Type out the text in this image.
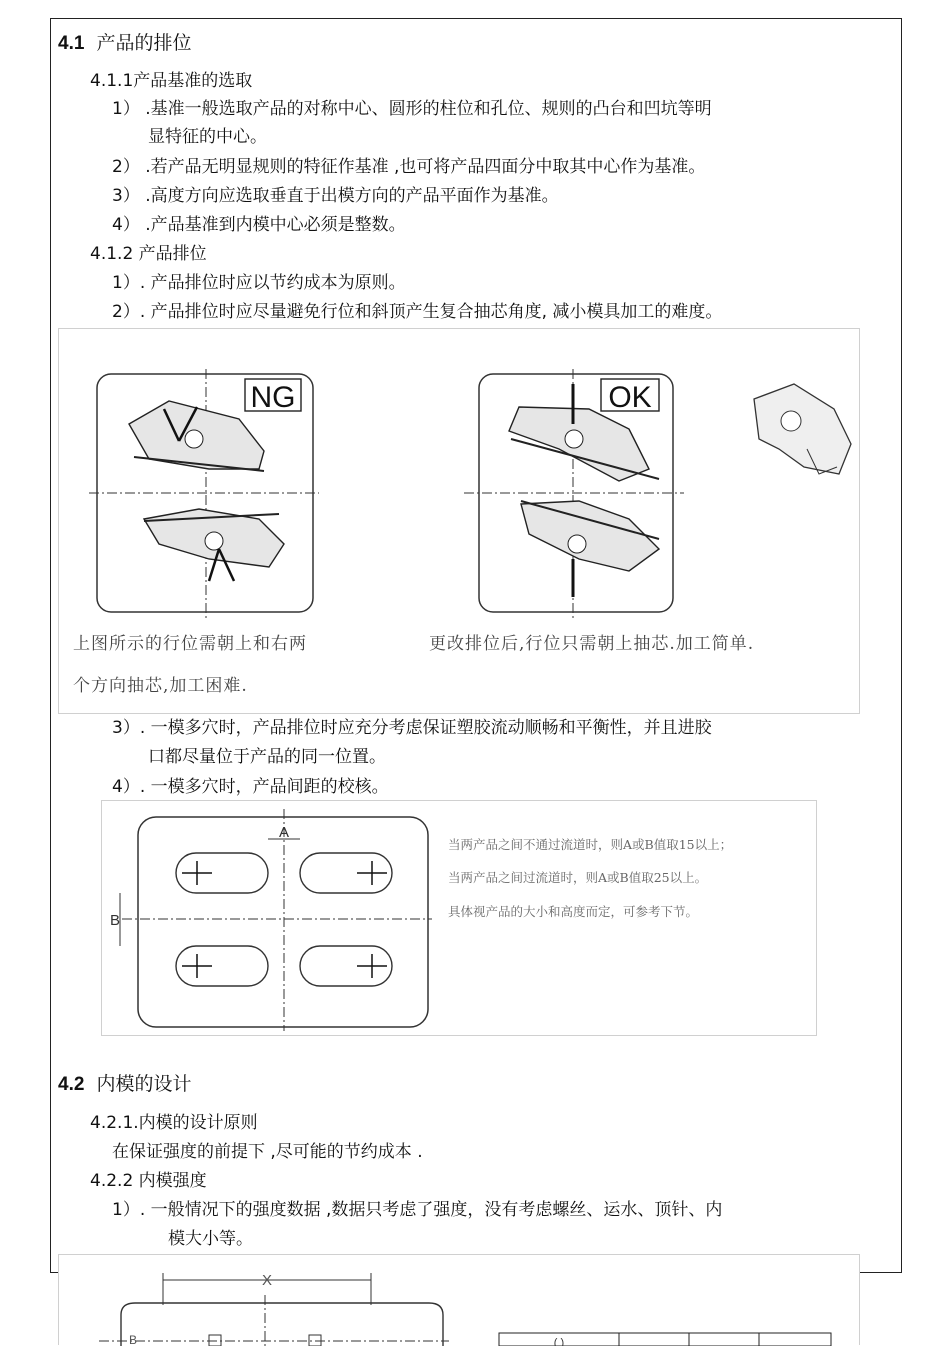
4.1 产品的排位
4.1.1产品基准的选取
1） .基准一般选取产品的对称中心、圆形的柱位和孔位、规则的凸台和凹坑等明
显特征的中心。
2） .若产品无明显规则的特征作基准 ,也可将产品四面分中取其中心作为基准。
3） .高度方向应选取垂直于出模方向的产品平面作为基准。
4） .产品基准到内模中心必须是整数。
4.1.2 产品排位
1）. 产品排位时应以节约成本为原则。
2）. 产品排位时应尽量避免行位和斜顶产生复合抽芯角度, 减小模具加工的难度。
NG	OK
上图所示的行位需朝上和右两
个方向抽芯,加工困难.
更改排位后,行位只需朝上抽芯.加工简单.
3）. 一模多穴时，产品排位时应充分考虑保证塑胶流动顺畅和平衡性，并且进胶
口都尽量位于产品的同一位置。
4）. 一模多穴时，产品间距的校核。
A
B
当两产品之间不通过流道时，则A或B值取15以上；
当两产品之间过流道时，则A或B值取25以上。
具体视产品的大小和高度而定，可参考下节。
4.2 内模的设计
4.2.1.内模的设计原则
在保证强度的前提下 ,尽可能的节约成本 .
4.2.2 内模强度
1）. 一般情况下的强度数据 ,数据只考虑了强度，没有考虑螺丝、运水、顶针、内
模大小等。
X
B	( )
